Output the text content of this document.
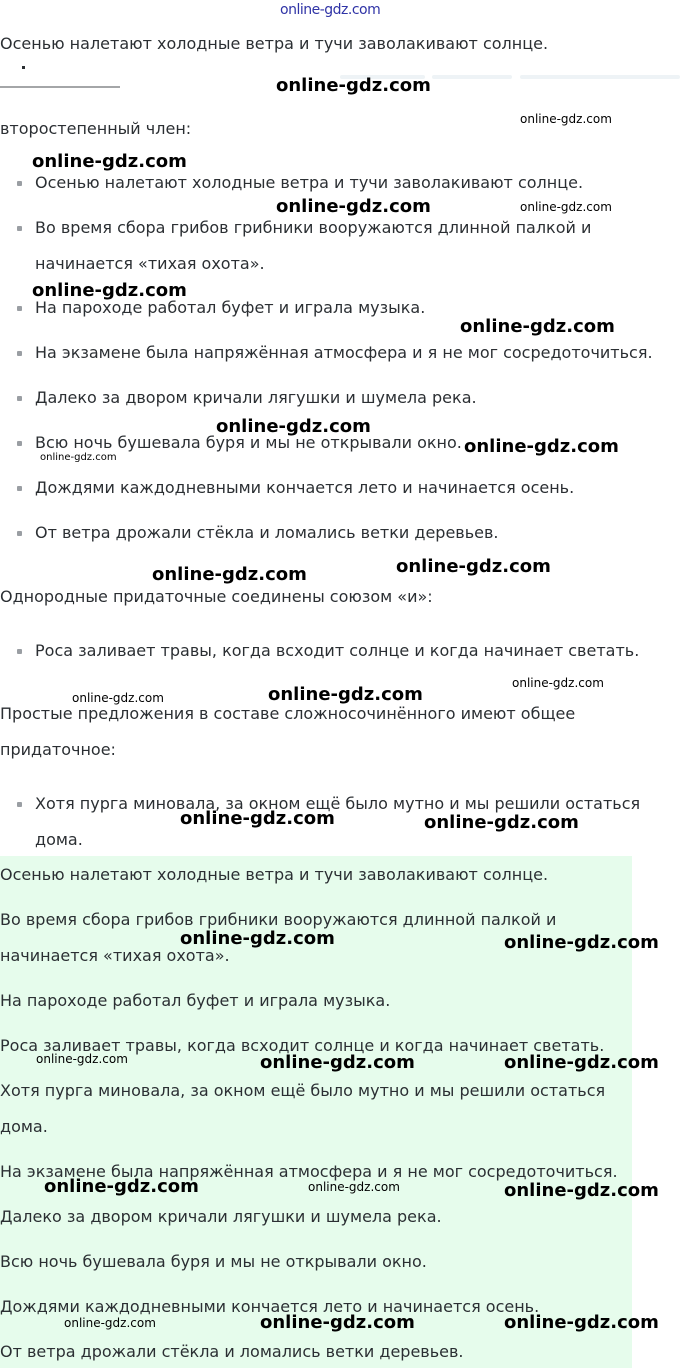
online-gdz.com
Осенью налетают холодные ветра и тучи заволакивают солнце.
второстепенный член:
Осенью налетают холодные ветра и тучи заволакивают солнце.
Во время сбора грибов грибники вооружаются длинной палкой и
начинается «тихая охота».
На пароходе работал буфет и играла музыка.
На экзамене была напряжённая атмосфера и я не мог сосредоточиться.
Далеко за двором кричали лягушки и шумела река.
Всю ночь бушевала буря и мы не открывали окно.
Дождями каждодневными кончается лето и начинается осень.
От ветра дрожали стёкла и ломались ветки деревьев.
Однородные придаточные соединены союзом «и»:
Роса заливает травы, когда всходит солнце и когда начинает светать.
Простые предложения в составе сложносочинённого имеют общее
придаточное:
Хотя пурга миновала, за окном ещё было мутно и мы решили остаться
дома.
Осенью налетают холодные ветра и тучи заволакивают солнце.
Во время сбора грибов грибники вооружаются длинной палкой и
начинается «тихая охота».
На пароходе работал буфет и играла музыка.
Роса заливает травы, когда всходит солнце и когда начинает светать.
Хотя пурга миновала, за окном ещё было мутно и мы решили остаться
дома.
На экзамене была напряжённая атмосфера и я не мог сосредоточиться.
Далеко за двором кричали лягушки и шумела река.
Всю ночь бушевала буря и мы не открывали окно.
Дождями каждодневными кончается лето и начинается осень.
От ветра дрожали стёкла и ломались ветки деревьев.
online-gdz.com
online-gdz.com
online-gdz.com
online-gdz.com	online-gdz.com
online-gdz.com
online-gdz.com
online-gdz.com
online-gdz.com
online-gdz.com
online-gdz.com
online-gdz.com
online-gdz.com
online-gdz.com
online-gdz.com
online-gdz.com	online-gdz.com
online-gdz.com	online-gdz.com
online-gdz.com	online-gdz.com	online-gdz.com
online-gdz.com	online-gdz.com	online-gdz.com
online-gdz.com	online-gdz.com	online-gdz.com
